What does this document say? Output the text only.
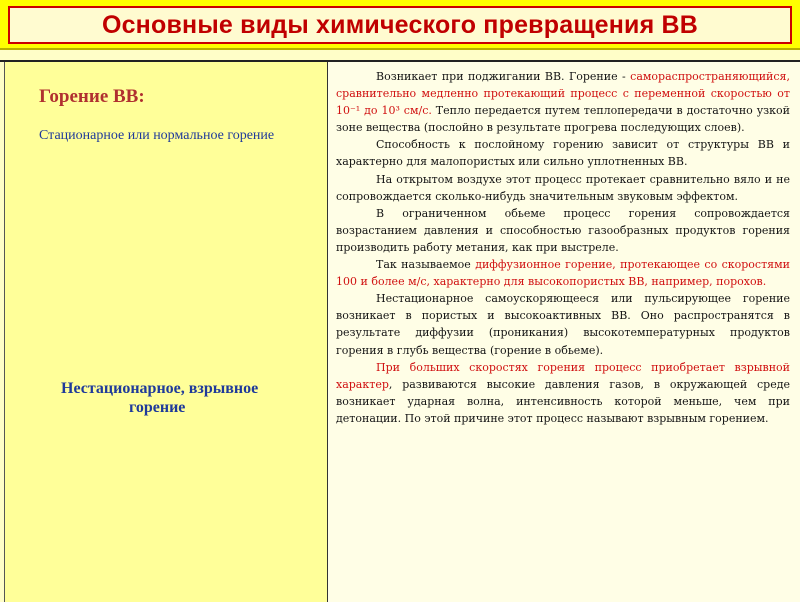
Основные виды химического превращения ВВ
Горение ВВ:
Стационарное или нормальное горение
Нестационарное, взрывное
горение

Возникает при поджигании ВВ. Горение - самораспространяющийся, сравнительно медленно протекающий процесс с переменной скоростью от 10⁻¹ до 10³ см/с. Тепло передается путем теплопередачи в достаточно узкой зоне вещества (послойно в результате прогрева последующих слоев).

Способность к послойному горению зависит от структуры ВВ и характерно для малопористых или сильно уплотненных ВВ.

На открытом воздухе этот процесс протекает сравнительно вяло и не сопровождается сколько-нибудь значительным звуковым эффектом.

В ограниченном обьеме процесс горения сопровождается возрастанием давления и способностью газообразных продуктов горения производить работу метания, как при выстреле.

Так называемое диффузионное горение, протекающее со скоростями 100 и более м/с, характерно для высокопористых ВВ, например, порохов.

Нестационарное самоускоряющееся или пульсирующее горение возникает в пористых и высокоактивных ВВ. Оно распространятся в результате диффузии (проникания) высокотемпературных продуктов горения в глубь вещества (горение в обьеме).

При больших скоростях горения процесс приобретает взрывной характер, развиваются высокие давления газов, в окружающей среде возникает ударная волна, интенсивность которой меньше, чем при детонации. По этой причине этот процесс называют взрывным горением.
